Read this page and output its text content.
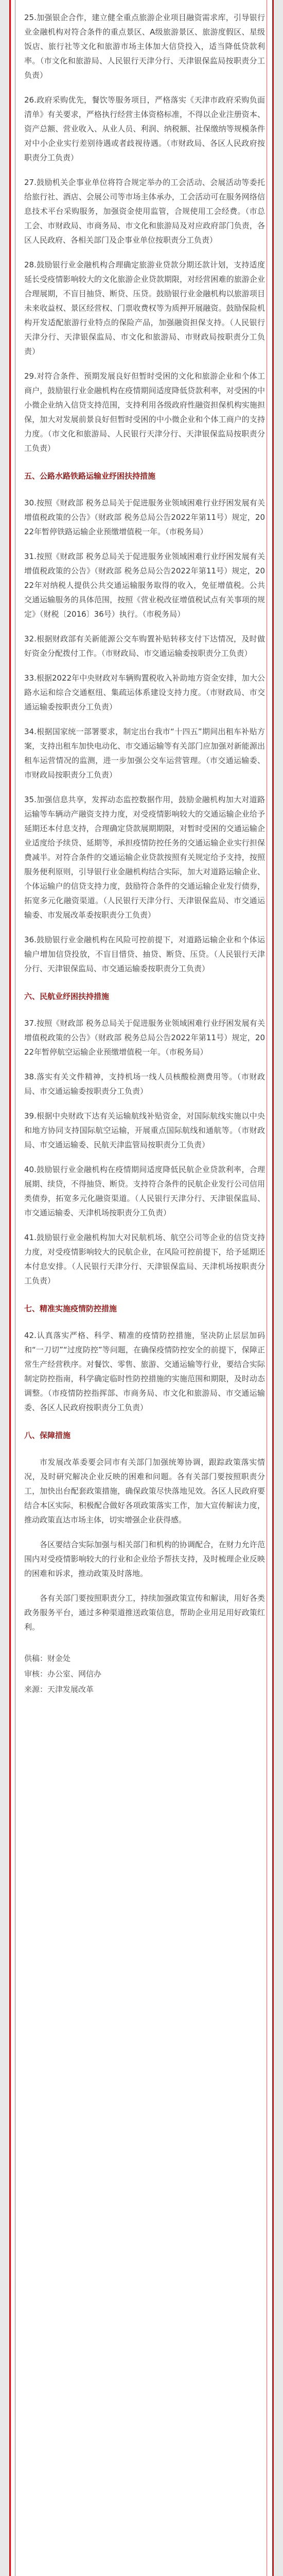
25.加强银企合作，建立健全重点旅游企业项目融资需求库，引导银行业金融机构对符合条件的重点景区、A级旅游景区、旅游度假区、星级饭店、旅行社等文化和旅游市场主体加大信贷投入，适当降低贷款利率。（市文化和旅游局、人民银行天津分行、天津银保监局按职责分工负责）

26.政府采购优先，餐饮等服务项目，严格落实《天津市政府采购负面清单》有关要求，严格执行经营主体资格标准，不得以企业注册资本、资产总额、营业收入、从业人员、利润、纳税额、社保缴纳等规模条件对中小企业实行差别待遇或者歧视待遇。（市财政局、各区人民政府按职责分工负责）

27.鼓励机关企事业单位将符合规定举办的工会活动、会展活动等委托给旅行社、酒店、会展公司等市场主体承办，工会活动可在服务网络信息技术平台采购服务，加强资金使用监管，合规使用工会经费。（市总工会、市财政局、市商务局、市文化和旅游局及对应政府部门负责，各区人民政府、各相关部门及企事业单位按职责分工负责）

28.鼓励银行业金融机构合理确定旅游业贷款分期还款计划，支持适度延长受疫情影响较大的文化旅游企业贷款期限，对经营困难的旅游企业合理展期，不盲目抽贷、断贷、压贷。鼓励银行业金融机构以旅游项目未来收益权、景区经营权、门票收费权等为质押开展融资。鼓励保险机构开发适配旅游行业特点的保险产品，加强融资担保支持。（人民银行天津分行、天津银保监局、市文化和旅游局、市财政局按职责分工负责）

29.对符合条件、预期发展良好但暂时受困的文化和旅游企业和个体工商户，鼓励银行业金融机构在疫情期间适度降低贷款利率，对受困的中小微企业纳入信贷支持范围，支持利用各级政府性融资担保机构实施担保，加大对发展前景良好但暂时受困的中小微企业和个体工商户的支持力度。（市文化和旅游局、人民银行天津分行、天津银保监局按职责分工负责）

五、公路水路铁路运输业纾困扶持措施

30.按照《财政部 税务总局关于促进服务业领域困难行业纾困发展有关增值税政策的公告》（财政部 税务总局公告2022年第11号）规定，2022年暂停铁路运输企业预缴增值税一年。（市税务局）

31.按照《财政部 税务总局关于促进服务业领域困难行业纾困发展有关增值税政策的公告》（财政部 税务总局公告2022年第11号）规定，2022年对纳税人提供公共交通运输服务取得的收入，免征增值税。公共交通运输服务的具体范围，按照《营业税改征增值税试点有关事项的规定》（财税〔2016〕36号）执行。（市税务局）

32.根据财政部有关新能源公交车购置补贴转移支付下达情况，及时做好资金分配拨付工作。（市财政局、市交通运输委按职责分工负责）

33.根据2022年中央财政对车辆购置税收入补助地方资金安排，加大公路水运和综合交通枢纽、集疏运体系建设支持力度。（市财政局、市交通运输委按职责分工负责）

34.根据国家统一部署要求，制定出台我市“十四五”期间出租车补贴方案，支持出租车加快电动化、市交通运输等有关部门应加强对新能源出租车运营情况的监测，进一步加强公交车运营管理。（市交通运输委、市财政局按职责分工负责）

35.加强信息共享，发挥动态监控数据作用，鼓励金融机构加大对道路运输等车辆动产融资支持力度，对受疫情影响较大的交通运输企业给予延期还本付息支持，合理确定贷款展期期限，对暂时受困的交通运输企业适度给予续贷、延期等，承担疫情防控任务的交通运输企业实行担保费减半。对符合条件的交通运输企业贷款按照有关规定给予支持，按照服务便利原则，引导银行业金融机构结合实际，加大对道路运输企业、个体运输户的信贷支持力度，鼓励符合条件的交通运输企业发行债券，拓宽多元化融资渠道。（人民银行天津分行、天津银保监局、市交通运输委、市发展改革委按职责分工负责）

36.鼓励银行业金融机构在风险可控前提下，对道路运输企业和个体运输户增加信贷投放，不盲目惜贷、抽贷、断贷、压贷。（人民银行天津分行、天津银保监局、市交通运输委按职责分工负责）

六、民航业纾困扶持措施

37.按照《财政部 税务总局关于促进服务业领域困难行业纾困发展有关增值税政策的公告》（财政部 税务总局公告2022年第11号）规定，2022年暂停航空运输企业预缴增值税一年。（市税务局）

38.落实有关文件精神，支持机场一线人员核酸检测费用等。（市财政局、市交通运输委按职责分工负责）

39.根据中央财政下达有关运输航线补贴资金，对国际航线实施以中央和地方协同支持国际航空运输，开展重点国际航线和通航等。（市财政局、市交通运输委、民航天津监管局按职责分工负责）

40.鼓励银行业金融机构在疫情期间适度降低民航企业贷款利率，合理展期、续贷，不得抽贷、断贷。支持符合条件的民航企业发行公司信用类债券，拓宽多元化融资渠道。（人民银行天津分行、天津银保监局、市交通运输委、天津机场按职责分工负责）

41.鼓励银行业金融机构加大对民航机场、航空公司等企业的信贷支持力度，对受疫情影响较大的民航企业，在风险可控前提下，给予延期还本付息安排。（人民银行天津分行、天津银保监局、天津机场按职责分工负责）

七、精准实施疫情防控措施

42.认真落实严格、科学、精准的疫情防控措施，坚决防止层层加码和“一刀切”“过度防控”等问题，在确保疫情防控安全的前提下，保障正常生产经营秩序。对餐饮、零售、旅游、交通运输等行业，要结合实际制定防控指南，科学确定临时性防控措施的实施范围和期限，及时动态调整。（市疫情防控指挥部、市商务局、市文化和旅游局、市交通运输委、各区人民政府按职责分工负责）

八、保障措施

市发展改革委要会同市有关部门加强统筹协调，跟踪政策落实情况，及时研究解决企业反映的困难和问题。各有关部门要按照职责分工，加快出台配套政策措施，确保政策尽快落地见效。各区人民政府要结合本区实际，积极配合做好各项政策落实工作，加大宣传解读力度，推动政策直达市场主体，切实增强企业获得感。

各区要结合实际加强与相关部门和机构的协调配合，在财力允许范围内对受疫情影响较大的行业和企业给予帮扶支持，及时梳理企业反映的困难和诉求，推动政策及时落地。

各有关部门要按照职责分工，持续加强政策宣传和解读，用好各类政务服务平台，通过多种渠道推送政策信息，帮助企业用足用好政策红利。

供稿：财金处
审核：办公室、网信办
来源：天津发展改革
